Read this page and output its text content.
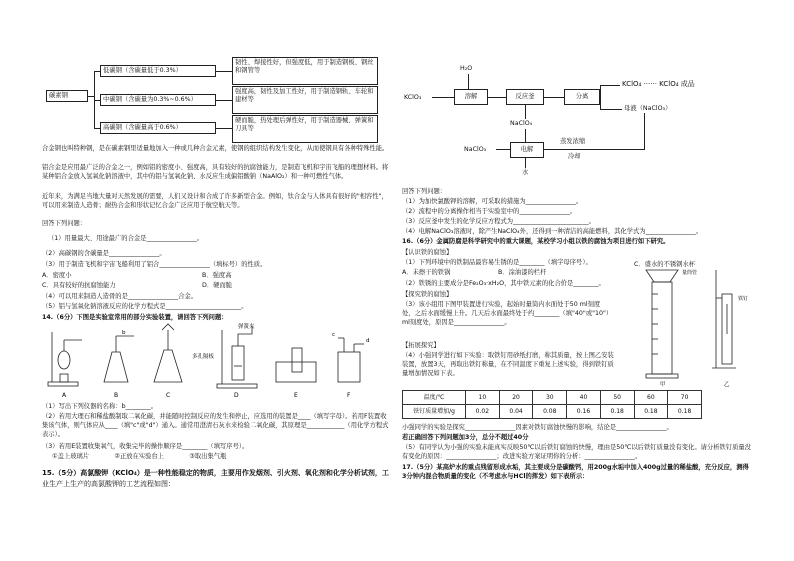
碳素钢
低碳钢（含碳量低于0.3%）
中碳钢（含碳量为0.3%~0.6%）
高碳钢（含碳量高于0.6%）
韧性、焊接性好，但强度低，用于制造钢板、钢丝和钢管等
强度高，韧性及加工性好，用于制造钢轨、车轮和建材等
硬而脆，热处理后弹性好，用于制造器械、弹簧和刀具等
合金钢也叫特种钢，是在碳素钢里适量地加入一种或几种合金元素，使钢的组织结构发生变化，从而使钢具有各种特殊性能。
铝合金是应用最广泛的合金之一，例如铝的密度小、强度高，具有较好的抗腐蚀能力，是制造飞机和宇宙飞船的理想材料。将某种铝合金放入氢氧化钠溶液中，其中的铝与氢氧化钠、水反应生成偏铝酸钠（NaAlO₂）和一种可燃性气体。
近年来，为满足当地大量对天然发展的需要，人们又设计和合成了许多新型合金。例如，钛合金与人体具有很好的"相容性"，可以用来制造人造骨；耐热合金和形状记忆合金广泛应用于航空航天等。
回答下列问题：
（1）用量最大、用途最广的合金是________________。
（2）高碳钢的含碳量是________________。
（3）用于制造飞机和宇宙飞船利用了铝合________________（填标号）的性质。
A．密度小	B．强度高
C．具有较好的抗腐蚀能力	D．硬而脆
（4）可以用来制造人造骨的是________________合金。
（5）铝与氢氧化钠溶液反应的化学方程式是________________________。
14.（6分）下图是实验室常用的部分实验装置，请回答下列问题：
弹簧夹
多孔隔板
b	c
d
A	B	C	D	E	F
（1）写出下列仪器的名称：b________。
（2）若用大理石和稀盐酸制取二氧化碳，并能随时控制反应的发生和停止，应选用的装置是____（填写字母）。若用F装置收集该气体，则气体应从____（填"c"或"d"）通入。通常用澄清石灰水来检验二氧化碳，其原理是____________（用化学方程式表示）。
（3）若用E装置收集氧气，收集完毕的操作顺序是________（填写序号）。
①盖上玻璃片　　　　②正放在实验台上　　　　③取出集气瓶
15.（5分）高氯酸钾（KClO₄）是一种性能稳定的物质，主要用作发烟剂、引火剂、氧化剂和化学分析试剂，工
业生产上生产的高氯酸钾的工艺流程如图：
H₂O
KClO₃	溶解	反应釜	分离
KClO₄ ······ KClO₄ 成品
母液（NaClO₃）
NaClO₄
NaClO₃	电解
蒸发浓缩
冷却
水
回答下列问题：
（1）为加快氯酸钾的溶解，可采取的措施为________________。
（2）流程中的分离操作相当于实验室中的________________。
（3）反应釜中发生的化学反应方程式为________________________。
（4）电解NaClO₃溶液时，除产生NaClO₄外，还得到一种清洁的高能燃料，其化学式为________________。
16.（6分）金属防腐是科学研究中的重大课题，某校学习小组以铁的腐蚀为项目进行如下研究。
【认识铁的腐蚀】
（1）下列环境中的铁制品最容易生锈的是________（填字母序号）。
A．未擦干的铁锅	B．涂油漆的栏杆
C．盛水的不锈钢水杯
（2）铁锈的主要成分是Fe₂O₃·xH₂O，其中铁元素的化合价是________。
【探究铁的腐蚀】
（3）该小组用下图甲装置进行实验，起始时量筒内水面处于50 ml刻度处，之后水面缓慢上升。几天后水面最终处于约________（填"40"或"10"）ml刻度处，原因是________________。
量筒管
铁钉
甲	乙
【拓展探究】
（4）小强同学进行如下实验：取铁钉用砂纸打磨，称其质量，按上图乙安装装置，放置3天，再取出铁钉称量，在不同温度下重复上述实验，得到铁钉质量增加情况如下表。
温度/℃	10	20	30	40	50	60	70
铁钉质量增加/g	0.02	0.04	0.08	0.16	0.18	0.18	0.18
小强同学的实验是探究________________因素对铁钉腐蚀快慢的影响，结论是________________。
若正确回答下列问题加3分，总分不超过40分
（5）有同学认为小强的实验未能真实反映50℃以后铁钉腐蚀的快慢，理由是50℃以后铁钉质量没有变化。请分析铁钉质量没有变化的原因：________________；改进实验方案证明你的分析：________________。
17.（5分）某高炉水的重点残留形成水垢，其主要成分是碳酸钙，用200g水垢中加入400g过量的稀盐酸，充分反应，测得3分钟内混合物质量的变化（不考虑水与HCl的挥发）如下表所示：
